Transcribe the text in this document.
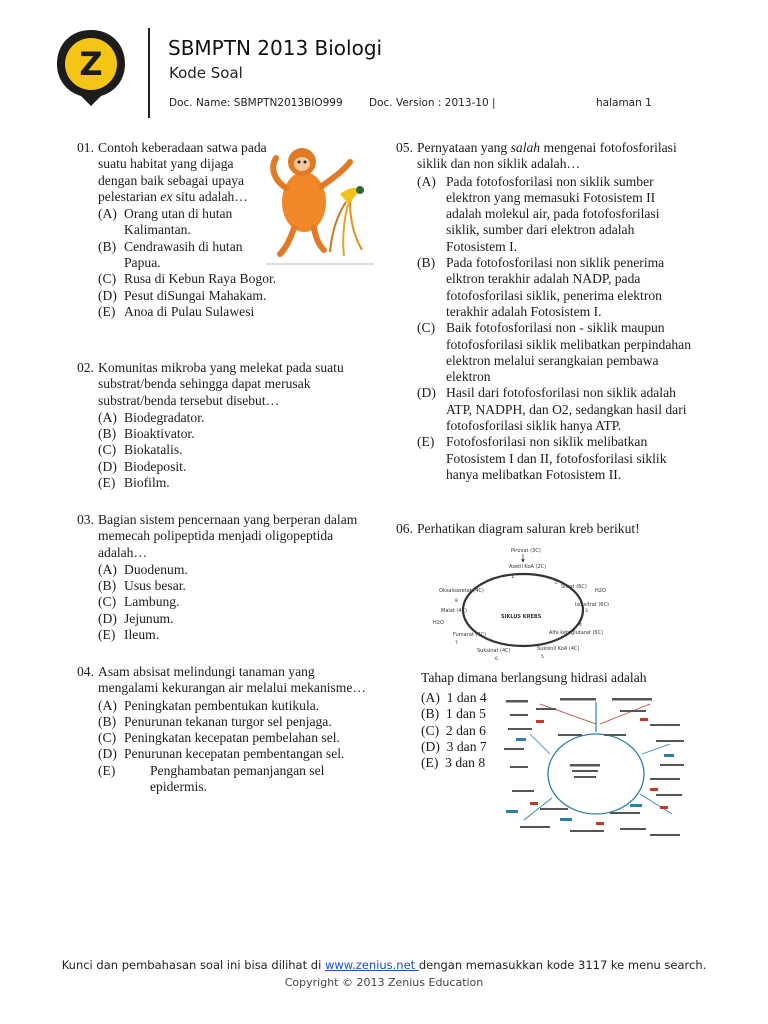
Z	SBMPTN 2013 Biologi
Kode Soal
Doc. Name: SBMPTN2013BIO999	Doc. Version : 2013-10 |	halaman 1
01. Contoh keberadaan satwa pada suatu habitat yang dijaga dengan baik sebagai upaya pelestarian ex situ adalah…
(A) Orang utan di hutan Kalimantan.
(B) Cendrawasih di hutan Papua.
(C) Rusa di Kebun Raya Bogor.
(D) Pesut diSungai Mahakam.
(E) Anoa di Pulau Sulawesi
02. Komunitas mikroba yang melekat pada suatu substrat/benda sehingga dapat merusak substrat/benda tersebut disebut…
(A) Biodegradator.
(B) Bioaktivator.
(C) Biokatalis.
(D) Biodeposit.
(E) Biofilm.
03. Bagian sistem pencernaan yang berperan dalam memecah polipeptida menjadi oligopeptida adalah…
(A) Duodenum.
(B) Usus besar.
(C) Lambung.
(D) Jejunum.
(E) Ileum.
04. Asam absisat melindungi tanaman yang mengalami kekurangan air melalui mekanisme…
(A) Peningkatan pembentukan kutikula.
(B) Penurunan tekanan turgor sel penjaga.
(C) Peningkatan kecepatan pembelahan sel.
(D) Penurunan kecepatan pembentangan sel.
(E)	Penghambatan pemanjangan sel epidermis.
05. Pernyataan yang salah mengenai fotofosforilasi siklik dan non siklik adalah…
(A) Pada fotofosforilasi non siklik sumber elektron yang memasuki Fotosistem II adalah molekul air, pada fotofosforilasi siklik, sumber dari elektron adalah Fotosistem I.
(B) Pada fotofosforilasi non siklik penerima elktron terakhir adalah NADP, pada fotofosforilasi siklik, penerima elektron terakhir adalah Fotosistem I.
(C) Baik fotofosforilasi non - siklik maupun fotofosforilasi siklik melibatkan perpindahan elektron melalui serangkaian pembawa elektron
(D) Hasil dari fotofosforilasi non siklik adalah ATP, NADPH, dan O2, sedangkan hasil dari fotofosforilasi siklik hanya ATP.
(E) Fotofosforilasi non siklik melibatkan Fotosistem I dan II, fotofosforilasi siklik hanya melibatkan Fotosistem II.
06. Perhatikan diagram saluran kreb berikut!
Piruvat (3C)
Asetil KoA (2C)
1
Oksaloasetat (4C)
Sitrat (6C)
H2O
Iso sitrat (6C)
Malat (4C)
H2O
SIKLUS KREBS
Fumarat (4C)	Alfa ketoglutarat (5C)
Suksinil KoA (4C)
Suksinat (4C)
2
3
4
5
6
7
8
Tahap dimana berlangsung hidrasi adalah
(A) 1 dan 4
(B) 1 dan 5
(C) 2 dan 6
(D) 3 dan 7
(E) 3 dan 8
Kunci dan pembahasan soal ini bisa dilihat di www.zenius.net dengan memasukkan kode 3117 ke menu search.
Copyright © 2013 Zenius Education
